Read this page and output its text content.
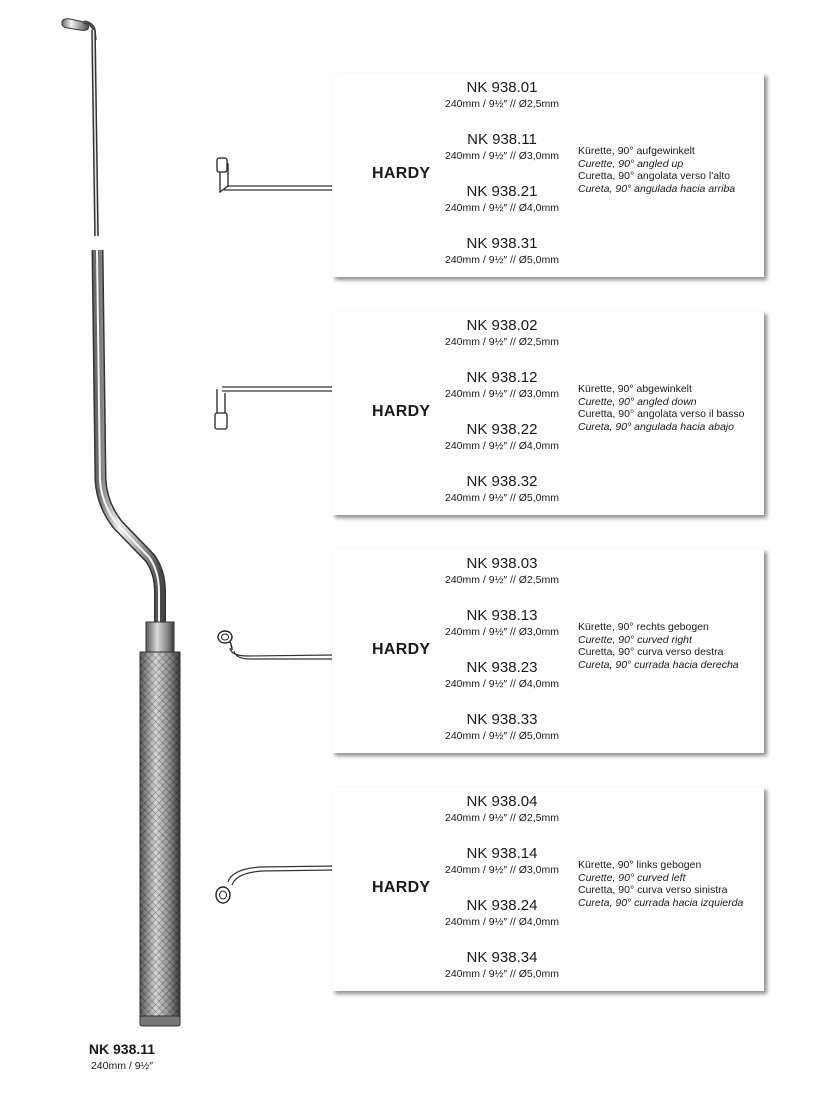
HARDY
NK 938.01
240mm / 9½″ // Ø2,5mm
NK 938.11
240mm / 9½″ // Ø3,0mm
NK 938.21
240mm / 9½″ // Ø4,0mm
NK 938.31
240mm / 9½″ // Ø5,0mm
Kürette, 90° aufgewinkelt
Curette, 90° angled up
Curetta, 90° angolata verso l'alto
Cureta, 90° angulada hacia arriba
HARDY
NK 938.02
240mm / 9½″ // Ø2,5mm
NK 938.12
240mm / 9½″ // Ø3,0mm
NK 938.22
240mm / 9½″ // Ø4,0mm
NK 938.32
240mm / 9½″ // Ø5,0mm
Kürette, 90° abgewinkelt
Curette, 90° angled down
Curetta, 90° angolata verso il basso
Cureta, 90° angulada hacia abajo
HARDY
NK 938.03
240mm / 9½″ // Ø2,5mm
NK 938.13
240mm / 9½″ // Ø3,0mm
NK 938.23
240mm / 9½″ // Ø4,0mm
NK 938.33
240mm / 9½″ // Ø5,0mm
Kürette, 90° rechts gebogen
Curette, 90° curved right
Curetta, 90° curva verso destra
Cureta, 90° currada hacia derecha
HARDY
NK 938.04
240mm / 9½″ // Ø2,5mm
NK 938.14
240mm / 9½″ // Ø3,0mm
NK 938.24
240mm / 9½″ // Ø4,0mm
NK 938.34
240mm / 9½″ // Ø5,0mm
Kürette, 90° links gebogen
Curette, 90° curved left
Curetta, 90° curva verso sinistra
Cureta, 90° currada hacia izquierda
NK 938.11
240mm / 9½″
